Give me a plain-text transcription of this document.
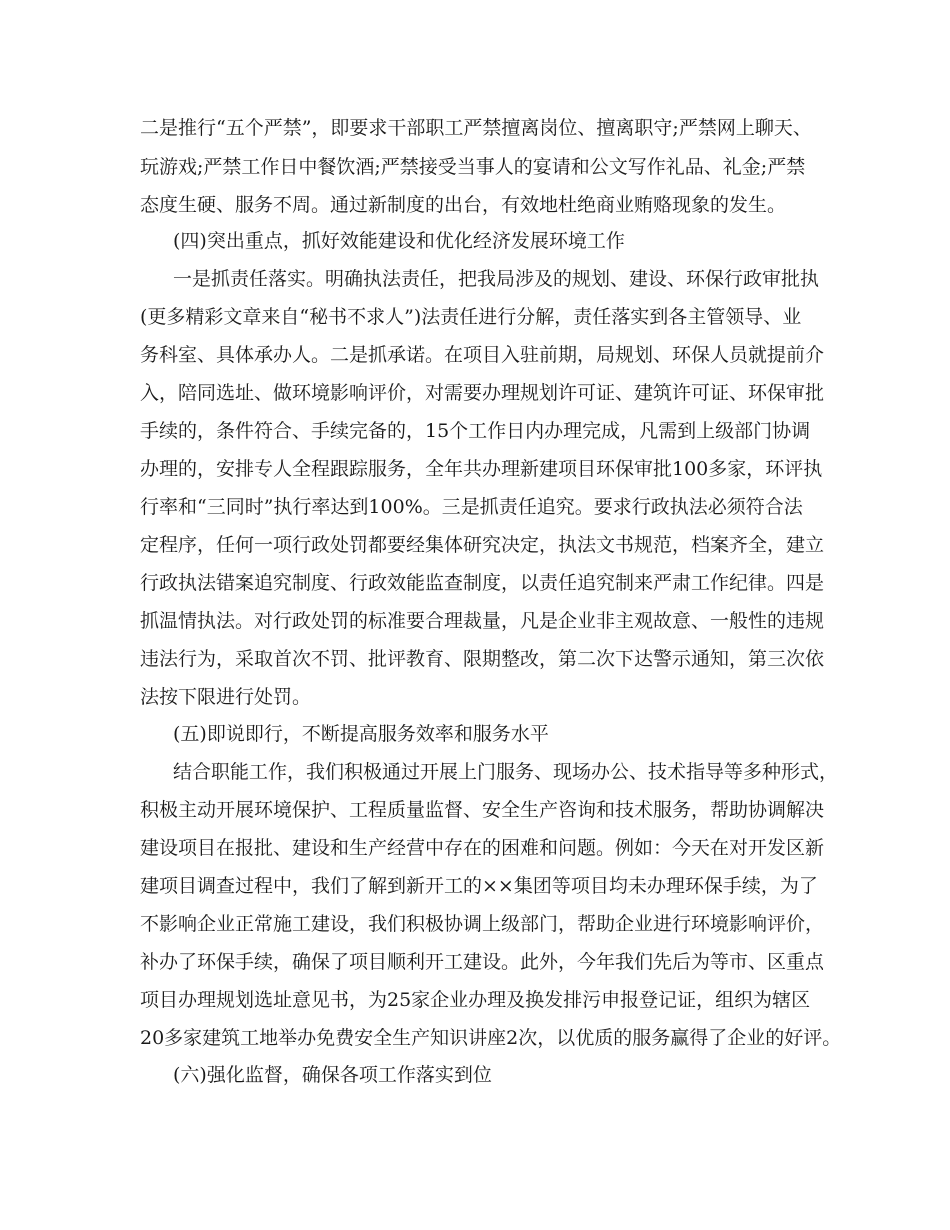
二是推行“五个严禁”，即要求干部职工严禁擅离岗位、擅离职守;严禁网上聊天、
玩游戏;严禁工作日中餐饮酒;严禁接受当事人的宴请和公文写作礼品、礼金;严禁
态度生硬、服务不周。通过新制度的出台，有效地杜绝商业贿赂现象的发生。
(四)突出重点，抓好效能建设和优化经济发展环境工作
一是抓责任落实。明确执法责任，把我局涉及的规划、建设、环保行政审批执
(更多精彩文章来自“秘书不求人”)法责任进行分解，责任落实到各主管领导、业
务科室、具体承办人。二是抓承诺。在项目入驻前期，局规划、环保人员就提前介
入，陪同选址、做环境影响评价，对需要办理规划许可证、建筑许可证、环保审批
手续的，条件符合、手续完备的，15个工作日内办理完成，凡需到上级部门协调
办理的，安排专人全程跟踪服务，全年共办理新建项目环保审批100多家，环评执
行率和“三同时”执行率达到100%。三是抓责任追究。要求行政执法必须符合法
定程序，任何一项行政处罚都要经集体研究决定，执法文书规范，档案齐全，建立
行政执法错案追究制度、行政效能监查制度，以责任追究制来严肃工作纪律。四是
抓温情执法。对行政处罚的标准要合理裁量，凡是企业非主观故意、一般性的违规
违法行为，采取首次不罚、批评教育、限期整改，第二次下达警示通知，第三次依
法按下限进行处罚。
(五)即说即行，不断提高服务效率和服务水平
结合职能工作，我们积极通过开展上门服务、现场办公、技术指导等多种形式，
积极主动开展环境保护、工程质量监督、安全生产咨询和技术服务，帮助协调解决
建设项目在报批、建设和生产经营中存在的困难和问题。例如：今天在对开发区新
建项目调查过程中，我们了解到新开工的××集团等项目均未办理环保手续，为了
不影响企业正常施工建设，我们积极协调上级部门，帮助企业进行环境影响评价，
补办了环保手续，确保了项目顺利开工建设。此外，今年我们先后为等市、区重点
项目办理规划选址意见书，为25家企业办理及换发排污申报登记证，组织为辖区
20多家建筑工地举办免费安全生产知识讲座2次，以优质的服务赢得了企业的好评。
(六)强化监督，确保各项工作落实到位
